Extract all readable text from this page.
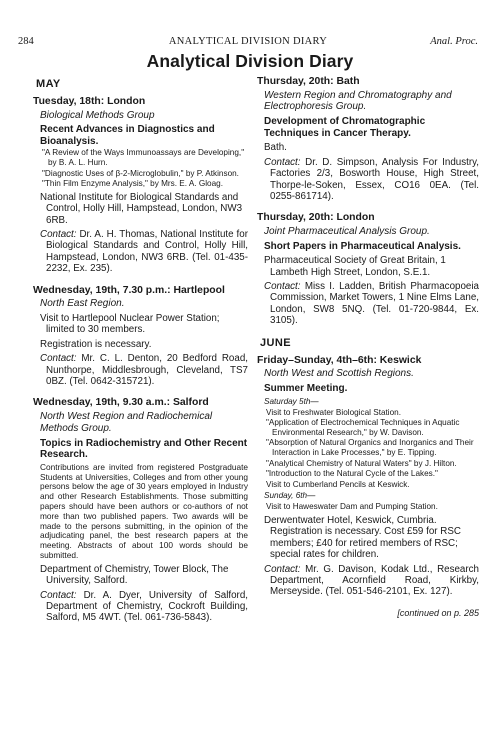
284	ANALYTICAL DIVISION DIARY	Anal. Proc.
Analytical Division Diary
MAY
Tuesday, 18th: London
Biological Methods Group
Recent Advances in Diagnostics and Bioanalysis.
"A Review of the Ways Immunoassays are Developing," by B. A. L. Hurn.
"Diagnostic Uses of β-2-Microglobulin," by P. Atkinson.
"Thin Film Enzyme Analysis," by Mrs. E. A. Gloag.
National Institute for Biological Standards and Control, Holly Hill, Hampstead, London, NW3 6RB.
Contact: Dr. A. H. Thomas, National Institute for Biological Standards and Control, Holly Hill, Hampstead, London, NW3 6RB. (Tel. 01-435-2232, Ex. 235).
Wednesday, 19th, 7.30 p.m.: Hartlepool
North East Region.
Visit to Hartlepool Nuclear Power Station; limited to 30 members.
Registration is necessary.
Contact: Mr. C. L. Denton, 20 Bedford Road, Nunthorpe, Middlesbrough, Cleveland, TS7 0BZ. (Tel. 0642-315721).
Wednesday, 19th, 9.30 a.m.: Salford
North West Region and Radiochemical Methods Group.
Topics in Radiochemistry and Other Recent Research.
Contributions are invited from registered Postgraduate Students at Universities, Colleges and from other young persons below the age of 30 years employed in Industry and other Research Establishments. Those submitting papers should have been authors or co-authors of not more than two published papers. Two awards will be made to the persons submitting, in the opinion of the adjudicating panel, the best research papers at the meeting. Abstracts of about 100 words should be submitted.
Department of Chemistry, Tower Block, The University, Salford.
Contact: Dr. A. Dyer, University of Salford, Department of Chemistry, Cockroft Building, Salford, M5 4WT. (Tel. 061-736-5843).
Thursday, 20th: Bath
Western Region and Chromatography and Electrophoresis Group.
Development of Chromatographic Techniques in Cancer Therapy.
Bath.
Contact: Dr. D. Simpson, Analysis For Industry, Factories 2/3, Bosworth House, High Street, Thorpe-le-Soken, Essex, CO16 0EA. (Tel. 0255-861714).
Thursday, 20th: London
Joint Pharmaceutical Analysis Group.
Short Papers in Pharmaceutical Analysis.
Pharmaceutical Society of Great Britain, 1 Lambeth High Street, London, S.E.1.
Contact: Miss I. Ladden, British Pharmacopoeia Commission, Market Towers, 1 Nine Elms Lane, London, SW8 5NQ. (Tel. 01-720-9844, Ex. 3105).
JUNE
Friday–Sunday, 4th–6th: Keswick
North West and Scottish Regions.
Summer Meeting.
Saturday 5th—
Visit to Freshwater Biological Station.
"Application of Electrochemical Techniques in Aquatic Environmental Research," by W. Davison.
"Absorption of Natural Organics and Inorganics and Their Interaction in Lake Processes," by E. Tipping.
"Analytical Chemistry of Natural Waters" by J. Hilton.
"Introduction to the Natural Cycle of the Lakes."
Visit to Cumberland Pencils at Keswick.
Sunday, 6th—
Visit to Haweswater Dam and Pumping Station.
Derwentwater Hotel, Keswick, Cumbria. Registration is necessary. Cost £59 for RSC members; £40 for retired members of RSC; special rates for children.
Contact: Mr. G. Davison, Kodak Ltd., Research Department, Acornfield Road, Kirkby, Merseyside. (Tel. 051-546-2101, Ex. 127).
[continued on p. 285
